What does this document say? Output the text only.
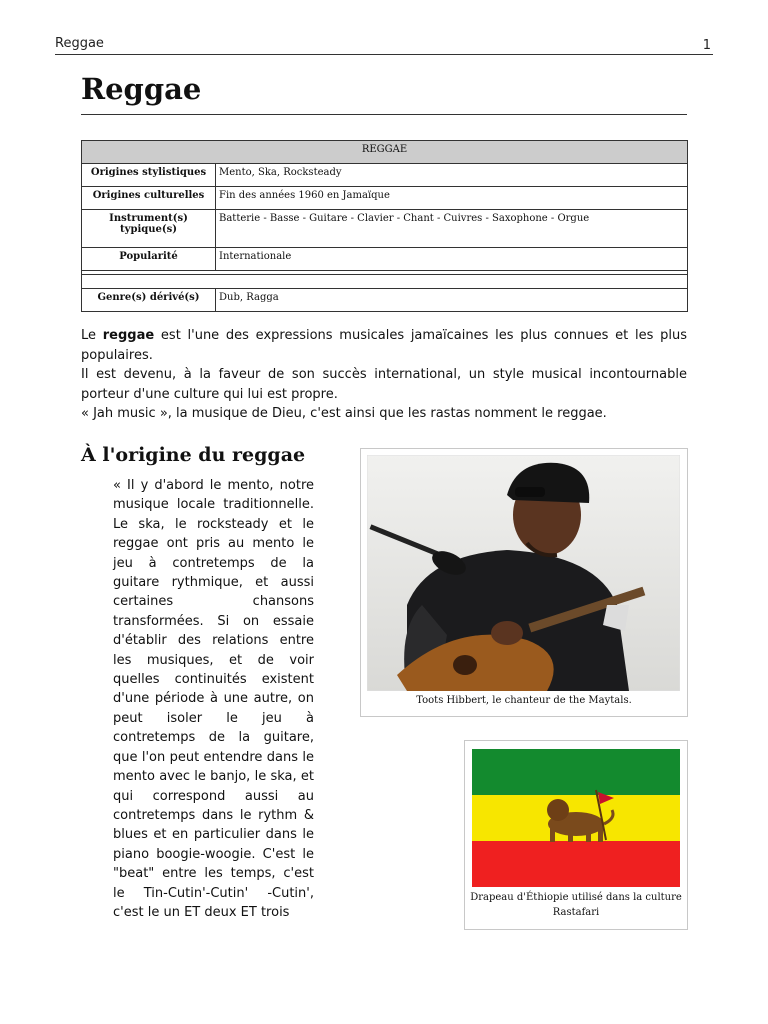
Reggae	1
Reggae
REGGAE	
Origines stylistiques	Mento, Ska, Rocksteady
Origines culturelles	Fin des années 1960 en Jamaïque
Instrument(s) typique(s)	Batterie - Basse - Guitare - Clavier - Chant - Cuivres - Saxophone - Orgue
Popularité	Internationale

Genre(s) dérivé(s)	Dub, Ragga

Le reggae est l'une des expressions musicales jamaïcaines les plus connues et les plus populaires.

Il est devenu, à la faveur de son succès international, un style musical incontournable porteur d'une culture qui lui est propre.

« Jah music », la musique de Dieu, c'est ainsi que les rastas nomment le reggae.

À l'origine du reggae

« Il y d'abord le mento, notre musique locale traditionnelle. Le ska, le rocksteady et le reggae ont pris au mento le jeu à contretemps de la guitare rythmique, et aussi certaines chansons transformées. Si on essaie d'établir des relations entre les musiques, et de voir quelles continuités existent d'une période à une autre, on peut isoler le jeu à contretemps de la guitare, que l'on peut entendre dans le mento avec le banjo, le ska, et qui correspond aussi au contretemps dans le rythm & blues et en particulier dans le piano boogie-woogie. C'est le "beat" entre les temps, c'est le Tin-Cutin'-Cutin' -Cutin', c'est le un ET deux ET trois

Toots Hibbert, le chanteur de the Maytals.
Drapeau d'Éthiopie utilisé dans la culture Rastafari
